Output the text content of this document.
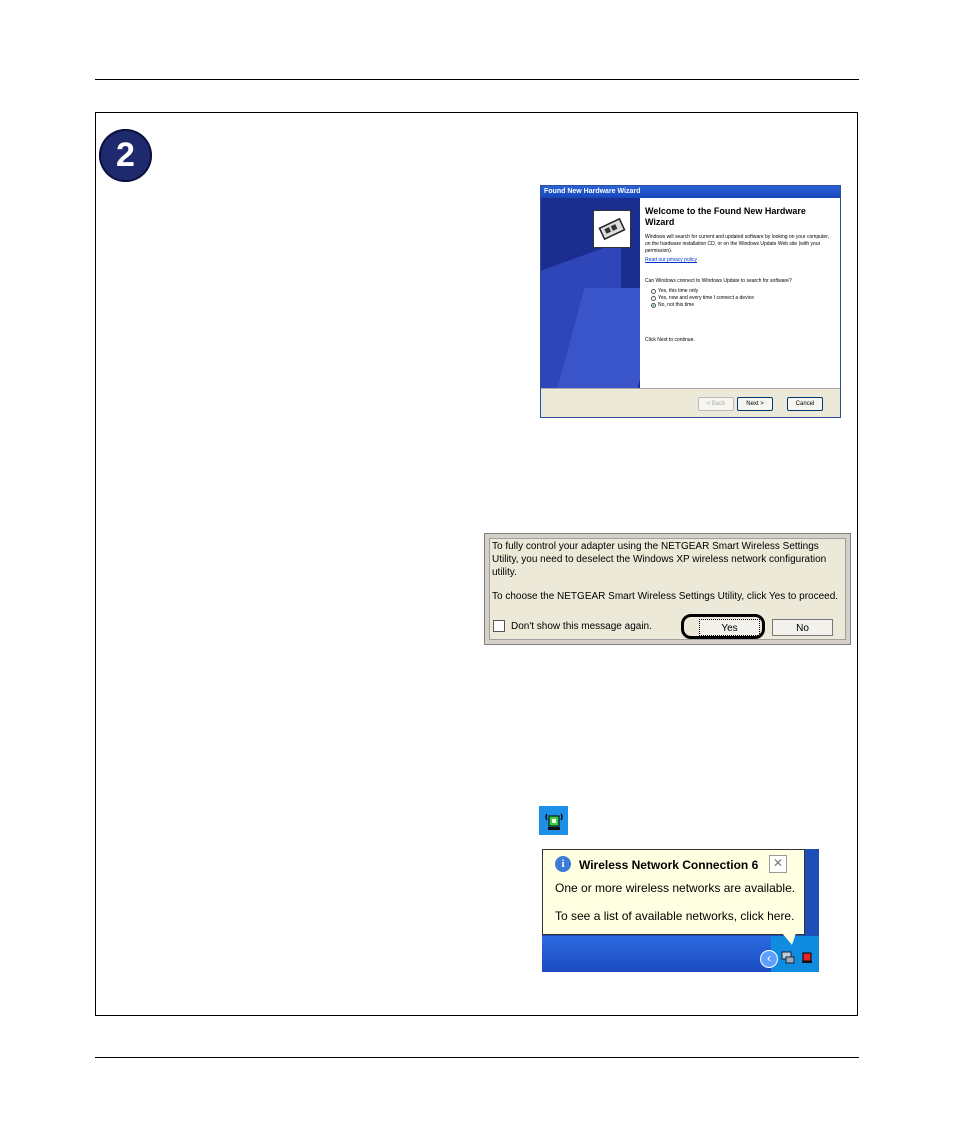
2
Found New Hardware Wizard
Welcome to the Found New Hardware Wizard
Windows will search for current and updated software by looking on your computer, on the hardware installation CD, or on the Windows Update Web site (with your permission).
Read our privacy policy
Can Windows connect to Windows Update to search for software?
Yes, this time only
Yes, now and every time I connect a device
No, not this time
Click Next to continue.
< Back	Next >	Cancel
To fully control your adapter using the NETGEAR Smart Wireless Settings Utility, you need to deselect the Windows XP wireless network configuration utility.
To choose the NETGEAR Smart Wireless Settings Utility, click Yes to proceed.
Don't show this message again.	Yes	No
i	Wireless Network Connection 6	✕
One or more wireless networks are available.
To see a list of available networks, click here.
‹
